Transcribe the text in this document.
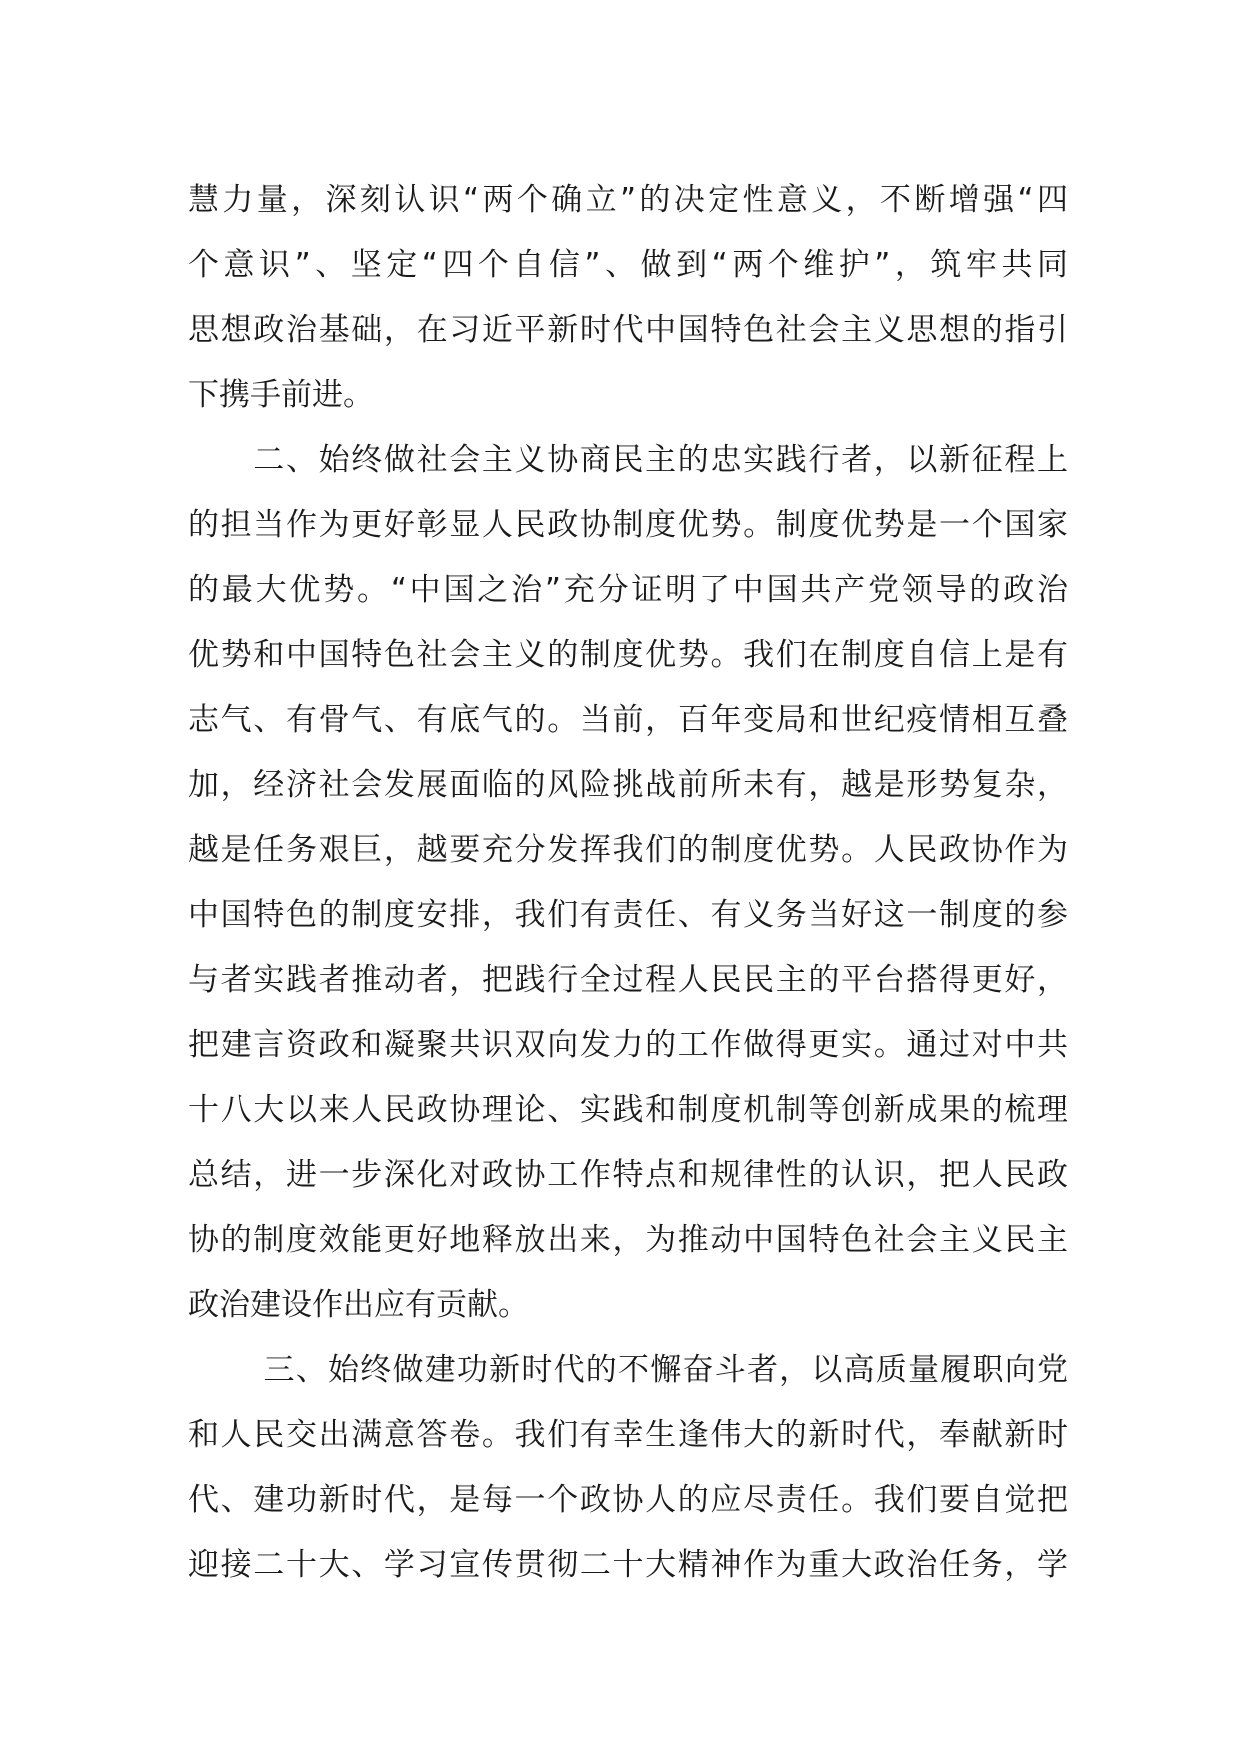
慧力量，深刻认识“两个确立”的决定性意义，不断增强“四
个意识”、坚定“四个自信”、做到“两个维护”，筑牢共同
思想政治基础，在习近平新时代中国特色社会主义思想的指引
下携手前进。
　　二、始终做社会主义协商民主的忠实践行者，以新征程上
的担当作为更好彰显人民政协制度优势。制度优势是一个国家
的最大优势。“中国之治”充分证明了中国共产党领导的政治
优势和中国特色社会主义的制度优势。我们在制度自信上是有
志气、有骨气、有底气的。当前，百年变局和世纪疫情相互叠
加，经济社会发展面临的风险挑战前所未有，越是形势复杂，
越是任务艰巨，越要充分发挥我们的制度优势。人民政协作为
中国特色的制度安排，我们有责任、有义务当好这一制度的参
与者实践者推动者，把践行全过程人民民主的平台搭得更好，
把建言资政和凝聚共识双向发力的工作做得更实。通过对中共
十八大以来人民政协理论、实践和制度机制等创新成果的梳理
总结，进一步深化对政协工作特点和规律性的认识，把人民政
协的制度效能更好地释放出来，为推动中国特色社会主义民主
政治建设作出应有贡献。
　　 三、始终做建功新时代的不懈奋斗者，以高质量履职向党
和人民交出满意答卷。我们有幸生逢伟大的新时代，奉献新时
代、建功新时代，是每一个政协人的应尽责任。我们要自觉把
迎接二十大、学习宣传贯彻二十大精神作为重大政治任务，学
